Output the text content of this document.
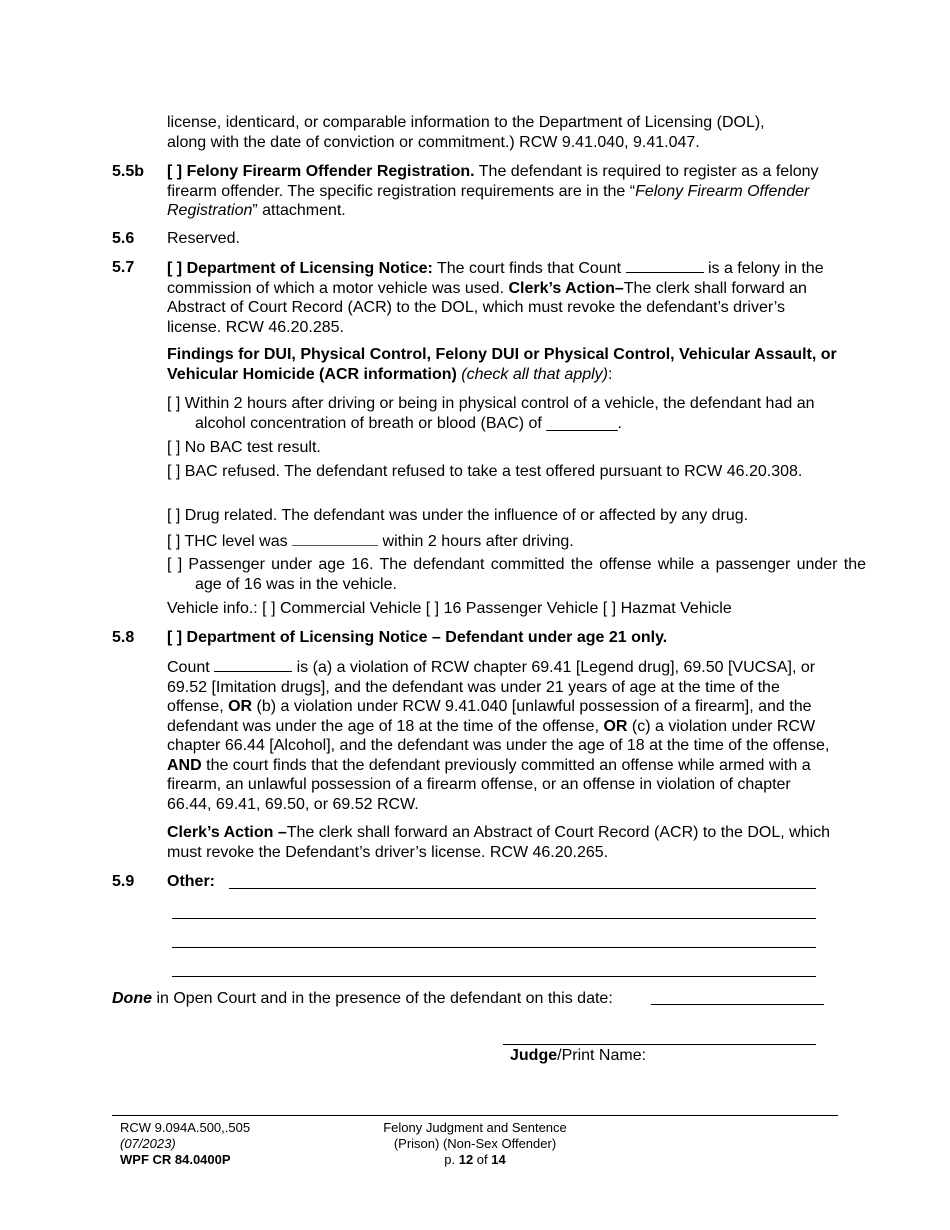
license, identicard, or comparable information to the Department of Licensing (DOL),
along with the date of conviction or commitment.) RCW 9.41.040, 9.41.047.
5.5b [ ] Felony Firearm Offender Registration. The defendant is required to register as a felony firearm offender. The specific registration requirements are in the “Felony Firearm Offender Registration” attachment.
5.6 Reserved.
5.7 [ ] Department of Licensing Notice: The court finds that Count	is a felony in the commission of which a motor vehicle was used. Clerk’s Action–The clerk shall forward an Abstract of Court Record (ACR) to the DOL, which must revoke the defendant’s driver’s license. RCW 46.20.285.
Findings for DUI, Physical Control, Felony DUI or Physical Control, Vehicular Assault, or Vehicular Homicide (ACR information) (check all that apply):
[ ] Within 2 hours after driving or being in physical control of a vehicle, the defendant had an alcohol concentration of breath or blood (BAC) of ________.
[ ] No BAC test result.
[ ] BAC refused. The defendant refused to take a test offered pursuant to RCW 46.20.308.
[ ] Drug related. The defendant was under the influence of or affected by any drug.
[ ] THC level was	within 2 hours after driving.
[ ] Passenger under age 16. The defendant committed the offense while a passenger under the age of 16 was in the vehicle.
Vehicle info.: [ ] Commercial Vehicle [ ] 16 Passenger Vehicle [ ] Hazmat Vehicle
5.8 [ ] Department of Licensing Notice – Defendant under age 21 only.
Count	is (a) a violation of RCW chapter 69.41 [Legend drug], 69.50 [VUCSA], or 69.52 [Imitation drugs], and the defendant was under 21 years of age at the time of the offense, OR (b) a violation under RCW 9.41.040 [unlawful possession of a firearm], and the defendant was under the age of 18 at the time of the offense, OR (c) a violation under RCW chapter 66.44 [Alcohol], and the defendant was under the age of 18 at the time of the offense, AND the court finds that the defendant previously committed an offense while armed with a firearm, an unlawful possession of a firearm offense, or an offense in violation of chapter 66.44, 69.41, 69.50, or 69.52 RCW.
Clerk’s Action –The clerk shall forward an Abstract of Court Record (ACR) to the DOL, which must revoke the Defendant’s driver’s license. RCW 46.20.265.
5.9 Other:
Done in Open Court and in the presence of the defendant on this date:
Judge/Print Name:
RCW 9.094A.500,.505
(07/2023)
WPF CR 84.0400P
Felony Judgment and Sentence
(Prison) (Non-Sex Offender)
p. 12 of 14
